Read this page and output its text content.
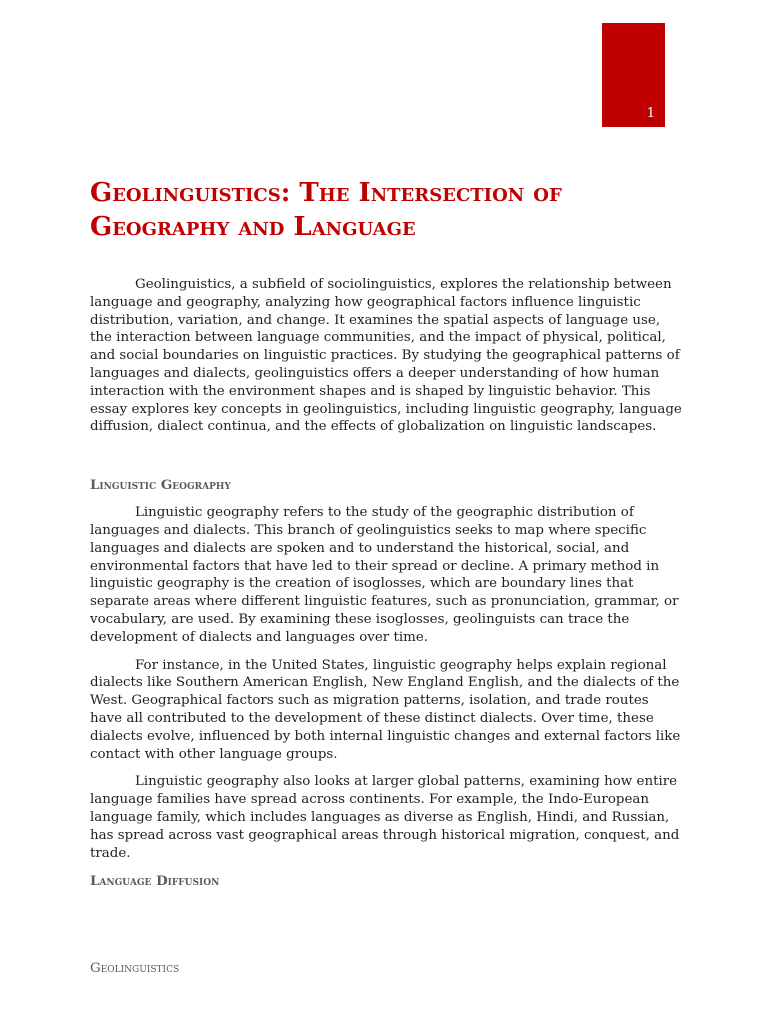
1
Geolinguistics: The Intersection of Geography and Language

Geolinguistics, a subfield of sociolinguistics, explores the relationship between language and geography, analyzing how geographical factors influence linguistic distribution, variation, and change. It examines the spatial aspects of language use, the interaction between language communities, and the impact of physical, political, and social boundaries on linguistic practices. By studying the geographical patterns of languages and dialects, geolinguistics offers a deeper understanding of how human interaction with the environment shapes and is shaped by linguistic behavior. This essay explores key concepts in geolinguistics, including linguistic geography, language diffusion, dialect continua, and the effects of globalization on linguistic landscapes.

Linguistic Geography

Linguistic geography refers to the study of the geographic distribution of languages and dialects. This branch of geolinguistics seeks to map where specific languages and dialects are spoken and to understand the historical, social, and environmental factors that have led to their spread or decline. A primary method in linguistic geography is the creation of isoglosses, which are boundary lines that separate areas where different linguistic features, such as pronunciation, grammar, or vocabulary, are used. By examining these isoglosses, geolinguists can trace the development of dialects and languages over time.

For instance, in the United States, linguistic geography helps explain regional dialects like Southern American English, New England English, and the dialects of the West. Geographical factors such as migration patterns, isolation, and trade routes have all contributed to the development of these distinct dialects. Over time, these dialects evolve, influenced by both internal linguistic changes and external factors like contact with other language groups.

Linguistic geography also looks at larger global patterns, examining how entire language families have spread across continents. For example, the Indo-European language family, which includes languages as diverse as English, Hindi, and Russian, has spread across vast geographical areas through historical migration, conquest, and trade.

Language Diffusion
Geolinguistics
